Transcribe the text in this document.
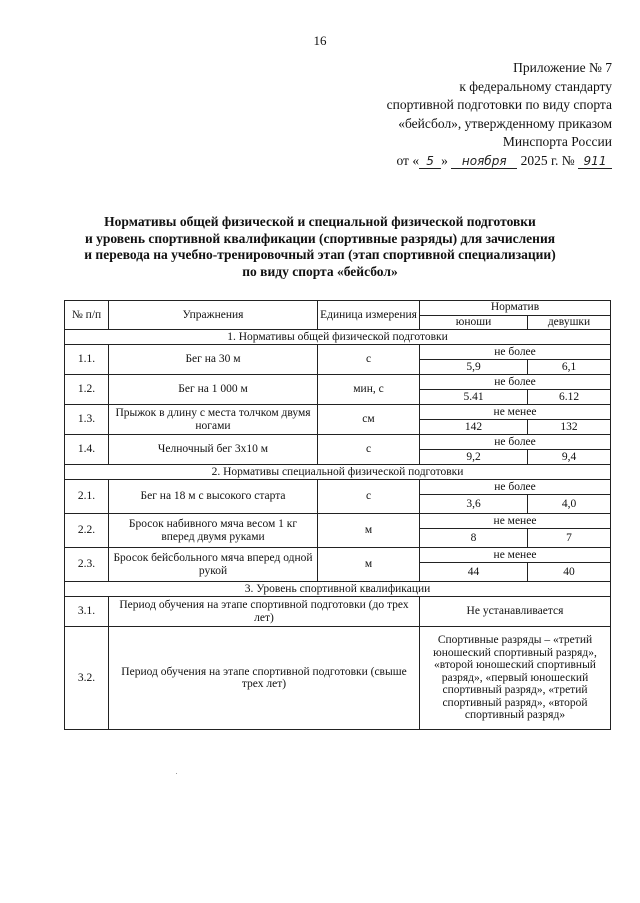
16
Приложение № 7
к федеральному стандарту
спортивной подготовки по виду спорта
«бейсбол», утвержденному приказом
Минспорта России
от « 5 » ноября 2025 г. № 911
Нормативы общей физической и специальной физической подготовки
и уровень спортивной квалификации (спортивные разряды) для зачисления
и перевода на учебно-тренировочный этап (этап спортивной специализации)
по виду спорта «бейсбол»
№ п/п	Упражнения	Единица измерения	Норматив	
			юноши	девушки
1. Нормативы общей физической подготовки				
1.1.	Бег на 30 м	с	не более	
			5,9	6,1
1.2.	Бег на 1 000 м	мин, с	не более	
			5.41	6.12
1.3.	Прыжок в длину с места толчком двумя ногами	см	не менее	
			142	132
1.4.	Челночный бег 3х10 м	с	не более	
			9,2	9,4
2. Нормативы специальной физической подготовки				
2.1.	Бег на 18 м с высокого старта	с	не более	
			3,6	4,0
2.2.	Бросок набивного мяча весом 1 кг вперед двумя руками	м	не менее	
			8	7
2.3.	Бросок бейсбольного мяча вперед одной рукой	м	не менее	
			44	40
3. Уровень спортивной квалификации				
3.1.	Период обучения на этапе спортивной подготовки (до трех лет)		Не устанавливается	
3.2.	Период обучения на этапе спортивной подготовки (свыше трех лет)		Спортивные разряды – «третий юношеский спортивный разряд», «второй юношеский спортивный разряд», «первый юношеский спортивный разряд», «третий спортивный разряд», «второй спортивный разряд»	
